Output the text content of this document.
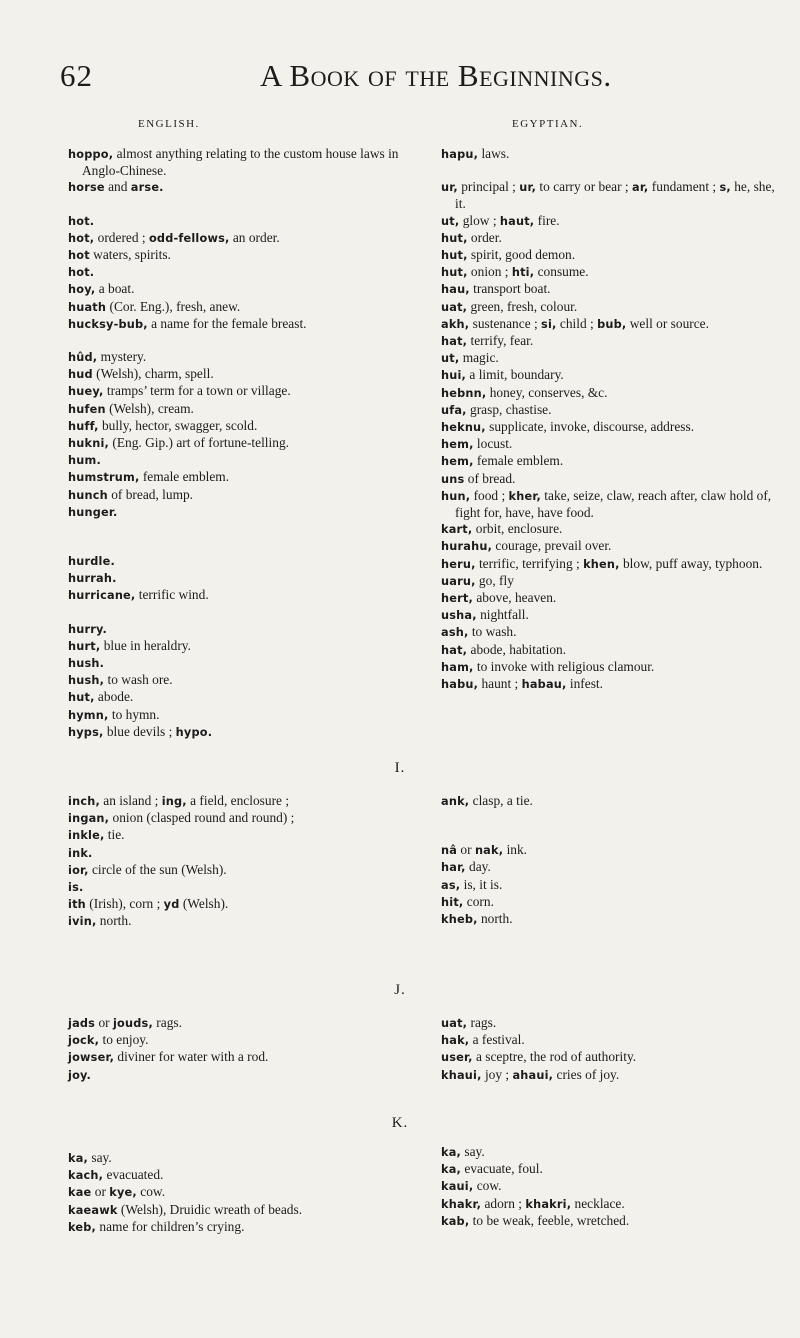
62	A Book of the Beginnings.
ENGLISH.	EGYPTIAN.

hoppo, almost anything relating to the custom house laws in Anglo-Chinese.

horse and arse.

hot.

hot, ordered ; odd-fellows, an order.

hot waters, spirits.

hot.

hoy, a boat.

huath (Cor. Eng.), fresh, anew.

hucksy-bub, a name for the female breast.

hûd, mystery.

hud (Welsh), charm, spell.

huey, tramps’ term for a town or village.

hufen (Welsh), cream.

huff, bully, hector, swagger, scold.

hukni, (Eng. Gip.) art of fortune-telling.

hum.

humstrum, female emblem.

hunch of bread, lump.

hunger.

hurdle.

hurrah.

hurricane, terrific wind.

hurry.

hurt, blue in heraldry.

hush.

hush, to wash ore.

hut, abode.

hymn, to hymn.

hyps, blue devils ; hypo.

hapu, laws.

ur, principal ; ur, to carry or bear ; ar, fundament ; s, he, she, it.

ut, glow ; haut, fire.

hut, order.

hut, spirit, good demon.

hut, onion ; hti, consume.

hau, transport boat.

uat, green, fresh, colour.

akh, sustenance ; si, child ; bub, well or source.

hat, terrify, fear.

ut, magic.

hui, a limit, boundary.

hebnn, honey, conserves, &c.

ufa, grasp, chastise.

heknu, supplicate, invoke, discourse, address.

hem, locust.

hem, female emblem.

uns of bread.

hun, food ; kher, take, seize, claw, reach after, claw hold of, fight for, have, have food.

kart, orbit, enclosure.

hurahu, courage, prevail over.

heru, terrific, terrifying ; khen, blow, puff away, typhoon.

uaru, go, fly

hert, above, heaven.

usha, nightfall.

ash, to wash.

hat, abode, habitation.

ham, to invoke with religious clamour.

habu, haunt ; habau, infest.

I.

inch, an island ; ing, a field, enclosure ;

ingan, onion (clasped round and round) ;

inkle, tie.

ink.

ior, circle of the sun (Welsh).

is.

ith (Irish), corn ; yd (Welsh).

ivin, north.

ank, clasp, a tie.

nâ or nak, ink.

har, day.

as, is, it is.

hit, corn.

kheb, north.

J.

jads or jouds, rags.

jock, to enjoy.

jowser, diviner for water with a rod.

joy.

uat, rags.

hak, a festival.

user, a sceptre, the rod of authority.

khaui, joy ; ahaui, cries of joy.

K.

ka, say.

kach, evacuated.

kae or kye, cow.

kaeawk (Welsh), Druidic wreath of beads.

keb, name for children’s crying.

ka, say.

ka, evacuate, foul.

kaui, cow.

khakr, adorn ; khakri, necklace.

kab, to be weak, feeble, wretched.
